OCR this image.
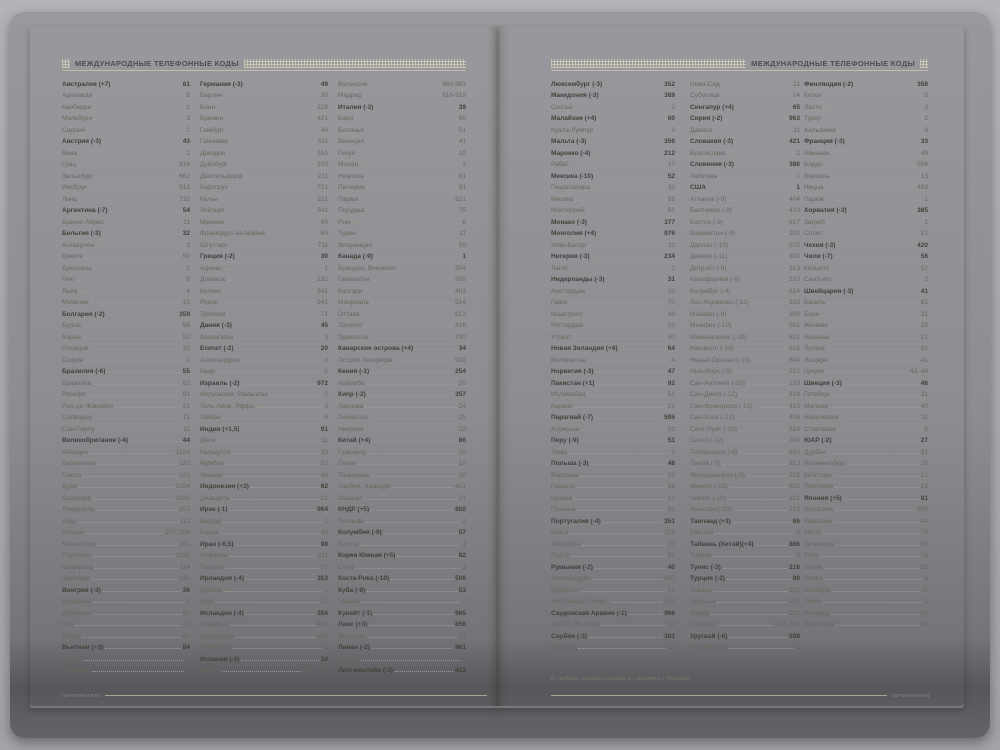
МЕЖДУНАРОДНЫЕ ТЕЛЕФОННЫЕ КОДЫ
Австралия (+7)	61
Аделаида	8
Канберра	2
Мельбурн	3
Сидней	2
Австрия (-3)	43
Вена	1
Грац	316
Зальцбург	662
Инсбрук	512
Линц	732
Аргентина (-7)	54
Буэнос-Айрес	11
Бельгия (-3)	32
Антверпен	3
Брюгге	50
Брюссель	2
Гент	9
Льеж	4
Мехелен	15
Болгария (-2)	359
Бургас	56
Варна	52
Пловдив	32
София	2
Бразилия (-6)	55
Бразилиа	61
Ресифи	81
Рио-де-Жанейро	21
Салвадор	71
Сан-Паулу	11
Великобритания (-4)	44
Абердин	1224
Бирмингем	121
Глазго	141
Дувр	1304
Кардифф	2920
Ливерпуль	151
Лидс	113
Лондон	207, 208
Манчестер	161
Портсмут	2392
Шеффилд	114
Эдинбург	131
Венгрия (-3)	36
Будапешт	1
Дебрецен	52
Печ	72
Сегед	62
Вьетнам (+3)	84
Ханой	4
Хошимин	8
Германия (-3)	49
Берлин	30
Бонн	228
Бремен	421
Гамбург	40
Ганновер	511
Дрезден	351
Дуйсбург	203
Дюссельдорф	211
Карлсруэ	721
Кельн	221
Лейпциг	341
Мюнхен	89
Франкфурт-на-Майне	69
Штутгарт	711
Греция (-2)	30
Афины	1
Домокос	232
Килкис	341
Родос	241
Триполи	71
Дания (-3)	45
Копенгаген	3
Египет (-2)	20
Александрия	3
Каир	2
Израиль (-2)	972
Иерусалим, Рамаллах	2
Тель-Авив, Яффа	3
Хайфа	4
Индия (+1,5)	91
Дели	11
Калькутта	33
Мумбаи	22
Ченнаи	44
Индонезия (+3)	62
Джакарта	21
Ирак (-1)	964
Багдад	1
Басра	40
Иран (-0,5)	98
Исфахан	311
Тегеран	21
Ирландия (-4)	353
Дублин	1
Корк	21
Исландия (-4)	354
Акурейри	461
Оулафсвик	436
Рейкьявик	5
Испания (-3)	34
Бургос	847, 947
Валенсия	960-963
Мадрид	910-919
Италия (-3)	39
Бари	80
Болонья	51
Венеция	41
Генуя	10
Милан	2
Неаполь	81
Палермо	91
Парма	521
Перуджа	75
Рим	6
Турин	11
Флоренция	55
Канада (-9)	1
Брандон, Виннипег	204
Гамильтон	905
Калгари	403
Монреаль	514
Оттава	613
Торонто	416
Эдмонтон	780
Канарские острова (+4)	34
Остров Тенерифе	922
Кения (-1)	254
Найроби	20
Кипр (-2)	357
Ларнака	24
Лимассол	25
Никосия	22
Китай (+4)	86
Гуанчжоу	20
Пекин	10
Тяньцзинь	22
Харбин, Чжаодун	451
Шанхай	21
КНДР (+5)	850
Пхеньян	2
Колумбия (-9)	57
Богота	1
Корея Южная (+5)	82
Сеул	2
Коста-Рика (-10)	506
Куба (-9)	53
Гавана	7
Кувейт (-1)	965
Лаос (+3)	856
Вьентьян	21
Ливан (-2)	961
Бейрут	1
Лихтенштейн (-3)	423
INFORMATION
МЕЖДУНАРОДНЫЕ ТЕЛЕФОННЫЕ КОДЫ
Люксембург (-3)	352
Македония (-3)	389
Скопье	2
Малайзия (+4)	60
Куала-Лумпур	3
Мальта (-3)	356
Марокко (-4)	212
Рабат	37
Мексика (-10)	52
Гвадалахара	33
Мехико	55
Монтеррей	81
Монако (-3)	377
Монголия (+4)	976
Улан-Батор	11
Нигерия (-3)	234
Лагос	1
Нидерланды (-3)	31
Амстердам	20
Гаага	70
Маастрихт	43
Роттердам	10
Утрехт	30
Новая Зеландия (+9)	64
Веллингтон	4
Норвегия (-3)	47
Пакистан (+1)	92
Исламабад	51
Карачи	21
Парагвай (-7)	595
Асунсьон	21
Перу (-9)	51
Лима	1
Польша (-3)	48
Варшава	22
Гданьск	58
Краков	12
Познань	61
Португалия (-4)	351
Брага	253
Лиссабон	21
Порту	22
Румыния (-2)	40
Александрия	247
Бухарест	21
Констанца, Олимп.	241
Саудовская Аравия (-1)	966
Лайла, Эр-Рияд	11
Сербия (-3)	381
Белград	11
Нови-Сад	21
Суботица	24
Сингапур (+4)	65
Сирия (-2)	963
Дамаск	11
Словакия (-3)	421
Братислава	2
Словения (-3)	386
Любляна	1
США	1
Атланта (-9)	404
Балтимор (-9)	410
Бостон (-9)	617
Вашингтон (-9)	202
Даллас (-10)	972
Денвер (-11)	303
Детройт (-9)	313
Калифорния (-9)	310
Колумбус (-4)	614
Лос-Анджелес (-12)	323
Майами (-9)	305
Мемфис (-10)	901
Миннеаполис (-10)	612
Нашвилл (-10)	615
Новый Орлеан (-10)	504
Нью-Йорк (-9)	212
Сан-Антонио (-10)	210
Сан-Диего (-12)	619
Сан-Франциско (-12)	415
Сан-Хосе (-12)	408
Сент-Луис (-10)	314
Сиэтл (-12)	206
Таллахасси (-9)	850
Тампа (-9)	813
Филадельфия (-9)	215
Финикс (-12)	602
Чикаго (-10)	312
Хьюстон (-10)	713
Таиланд (+3)	66
Бангкок	2
Тайвань (Китай)(+4)	886
Тайпей	2
Тунис (-3)	216
Турция (-2)	90
Анкара	312
Анталья	242
Измир	232
Стамбул	212, 216
Уругвай (-6)	598
Монтевидео	2
Финляндия (-2)	358
Котка	5
Лахти	3
Турку	2
Хельсинки	9
Франция (-3)	33
Авиньон	49
Бордо	556
Версаль	13
Ницца	493
Париж	1
Хорватия (-3)	385
Загреб	1
Сплит	21
Чехия (-3)	420
Чили (-7)	56
Копьяпо	52
Сантьяго	2
Швейцария (-3)	41
Базель	61
Берн	31
Женева	22
Лозанна	21
Лугано	91
Люцерн	41
Цюрих	43, 44
Швеция (-3)	46
Гетеборг	31
Мальме	40
Норрчепинг	11
Стокгольм	8
ЮАР (-2)	27
Дурбан	31
Йоханнесбург	11
Кейптаун	21
Претория	12
Япония (+5)	81
Иокогама	995
Кавасаки	44
Киото	75
Китакюсю	93
Кобе	78
Нагоя	52
Осака	6
Саппоро	11
Токио	3
Фукуока	92
Хиросима	82
В скобках указана разница во времени с Москвой.
INFORMATION
